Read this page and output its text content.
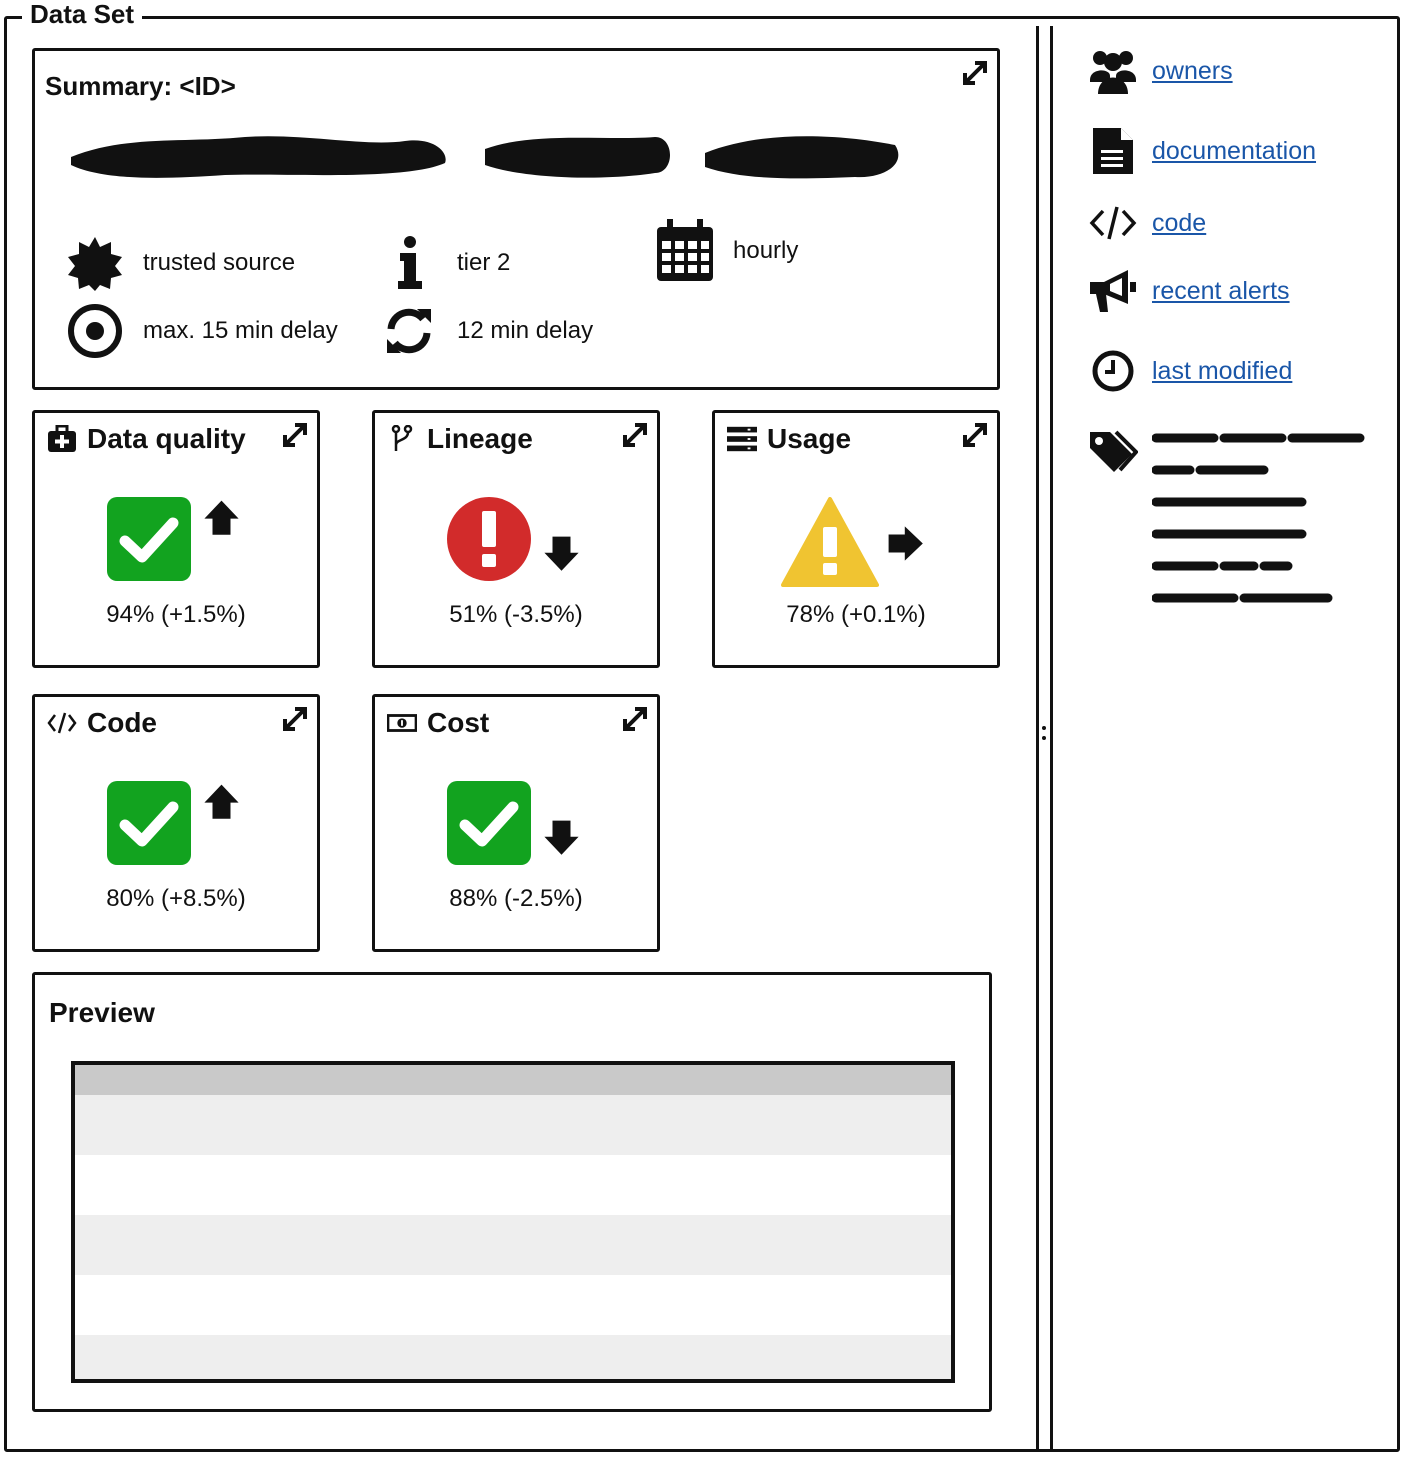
Data Set
Summary: <ID>
trusted source	tier 2	hourly
max. 15 min delay	12 min delay
Data quality
94% (+1.5%)
Lineage
51% (-3.5%)
Usage
78% (+0.1%)
Code
80% (+8.5%)
Cost
88% (-2.5%)
Preview
owners
documentation
code
recent alerts
last modified
